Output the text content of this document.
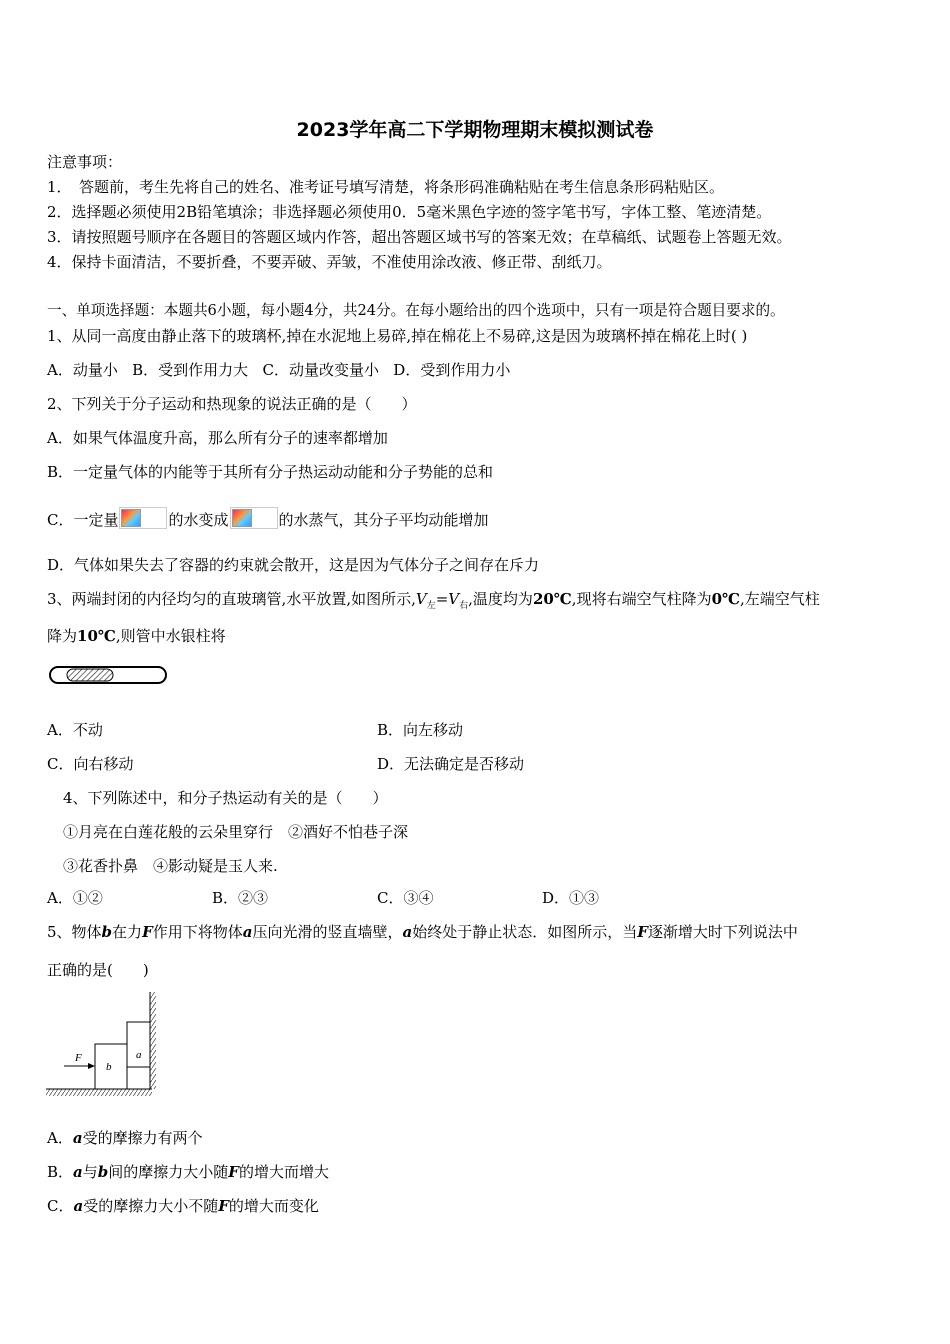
2023学年高二下学期物理期末模拟测试卷
注意事项：
1．　答题前，考生先将自己的姓名、准考证号填写清楚，将条形码准确粘贴在考生信息条形码粘贴区。
2．选择题必须使用2B铅笔填涂；非选择题必须使用0．5毫米黑色字迹的签字笔书写，字体工整、笔迹清楚。
3．请按照题号顺序在各题目的答题区域内作答，超出答题区域书写的答案无效；在草稿纸、试题卷上答题无效。
4．保持卡面清洁，不要折叠，不要弄破、弄皱，不准使用涂改液、修正带、刮纸刀。
一、单项选择题：本题共6小题，每小题4分，共24分。在每小题给出的四个选项中，只有一项是符合题目要求的。
1、从同一高度由静止落下的玻璃杯,掉在水泥地上易碎,掉在棉花上不易碎,这是因为玻璃杯掉在棉花上时( )
A．动量小 B．受到作用力大 C．动量改变量小 D．受到作用力小
2、下列关于分子运动和热现象的说法正确的是（　　）
A．如果气体温度升高，那么所有分子的速率都增加
B．一定量气体的内能等于其所有分子热运动动能和分子势能的总和
C．一定量	的水变成	的水蒸气，其分子平均动能增加
D．气体如果失去了容器的约束就会散开，这是因为气体分子之间存在斥力
3、两端封闭的内径均匀的直玻璃管,水平放置,如图所示$,V_左=V_右$,温度均为20℃,现将右端空气柱降为0℃,左端空气柱
降为10℃,则管中水银柱将
A．不动	B．向左移动
C．向右移动	D．无法确定是否移动
4、下列陈述中，和分子热运动有关的是（　　）
①月亮在白莲花般的云朵里穿行　②酒好不怕巷子深
③花香扑鼻　④影动疑是玉人来.
A．①②	B．②③	C．③④	D．①③
5、物体b在力F作用下将物体a压向光滑的竖直墙壁，a始终处于静止状态．如图所示，当F逐渐增大时下列说法中
正确的是(　　)
F
b
a
A．a受的摩擦力有两个
B．a与b间的摩擦力大小随F的增大而增大
C．a受的摩擦力大小不随F的增大而变化
